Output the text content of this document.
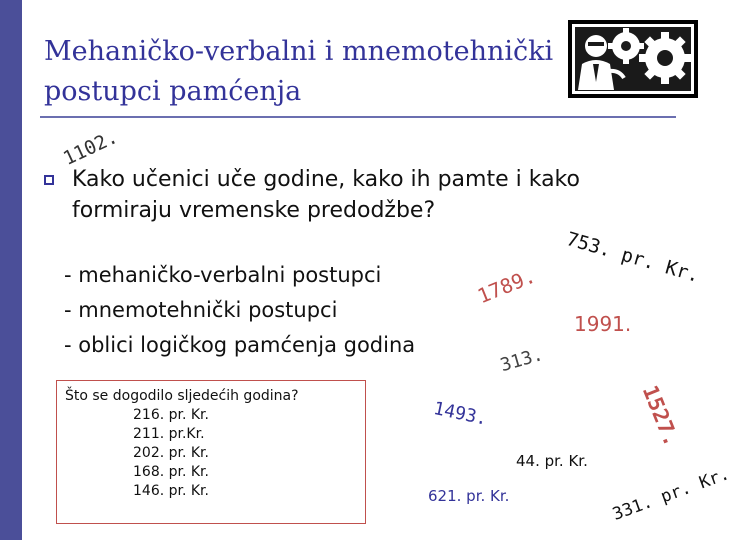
Mehaničko-verbalni i mnemotehnički
postupci pamćenja
1102.
Kako učenici uče godine, kako ih pamte i kako formiraju vremenske predodžbe?
- mehaničko-verbalni postupci
- mnemotehnički postupci
- oblici logičkog pamćenja godina
Što se dogodilo sljedećih godina?
216. pr. Kr.
211. pr.Kr.
202. pr. Kr.
168. pr. Kr.
146. pr. Kr.
753. pr. Kr.
1789.
1991.
313.
1527.
1493.
44. pr. Kr.
621. pr. Kr.	331. pr. Kr.
